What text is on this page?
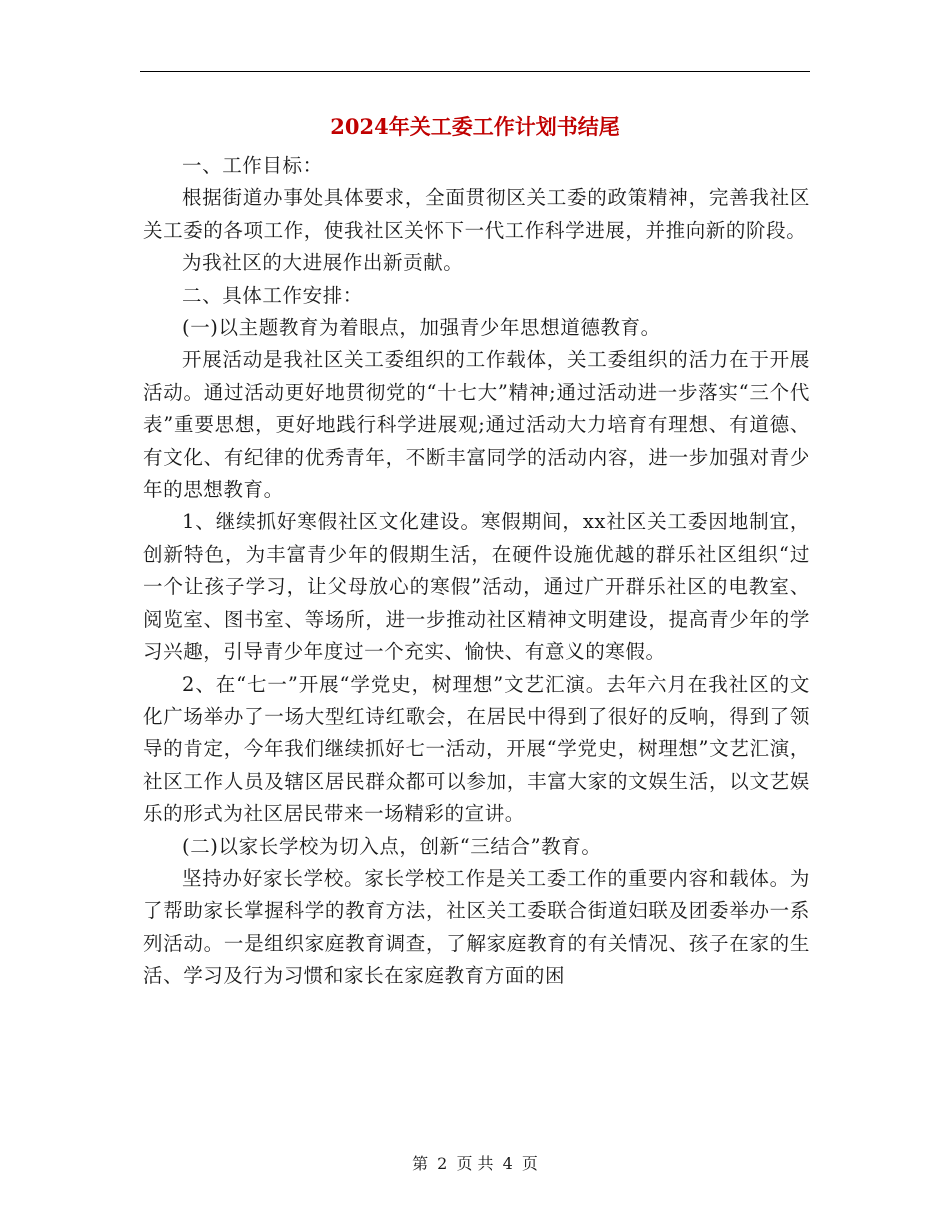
2024年关工委工作计划书结尾

一、工作目标：

根据街道办事处具体要求，全面贯彻区关工委的政策精神，完善我社区关工委的各项工作，使我社区关怀下一代工作科学进展，并推向新的阶段。

为我社区的大进展作出新贡献。

二、具体工作安排：

(一)以主题教育为着眼点，加强青少年思想道德教育。

开展活动是我社区关工委组织的工作载体，关工委组织的活力在于开展活动。通过活动更好地贯彻党的“十七大”精神;通过活动进一步落实“三个代表”重要思想，更好地践行科学进展观;通过活动大力培育有理想、有道德、有文化、有纪律的优秀青年，不断丰富同学的活动内容，进一步加强对青少年的思想教育。

1、继续抓好寒假社区文化建设。寒假期间，xx社区关工委因地制宜，创新特色，为丰富青少年的假期生活，在硬件设施优越的群乐社区组织“过一个让孩子学习，让父母放心的寒假”活动，通过广开群乐社区的电教室、阅览室、图书室、等场所，进一步推动社区精神文明建设，提高青少年的学习兴趣，引导青少年度过一个充实、愉快、有意义的寒假。

2、在“七一”开展“学党史，树理想”文艺汇演。去年六月在我社区的文化广场举办了一场大型红诗红歌会，在居民中得到了很好的反响，得到了领导的肯定，今年我们继续抓好七一活动，开展“学党史，树理想”文艺汇演，社区工作人员及辖区居民群众都可以参加，丰富大家的文娱生活，以文艺娱乐的形式为社区居民带来一场精彩的宣讲。

(二)以家长学校为切入点，创新“三结合”教育。

坚持办好家长学校。家长学校工作是关工委工作的重要内容和载体。为了帮助家长掌握科学的教育方法，社区关工委联合街道妇联及团委举办一系列活动。一是组织家庭教育调查，了解家庭教育的有关情况、孩子在家的生活、学习及行为习惯和家长在家庭教育方面的困

第 2 页 共 4 页
